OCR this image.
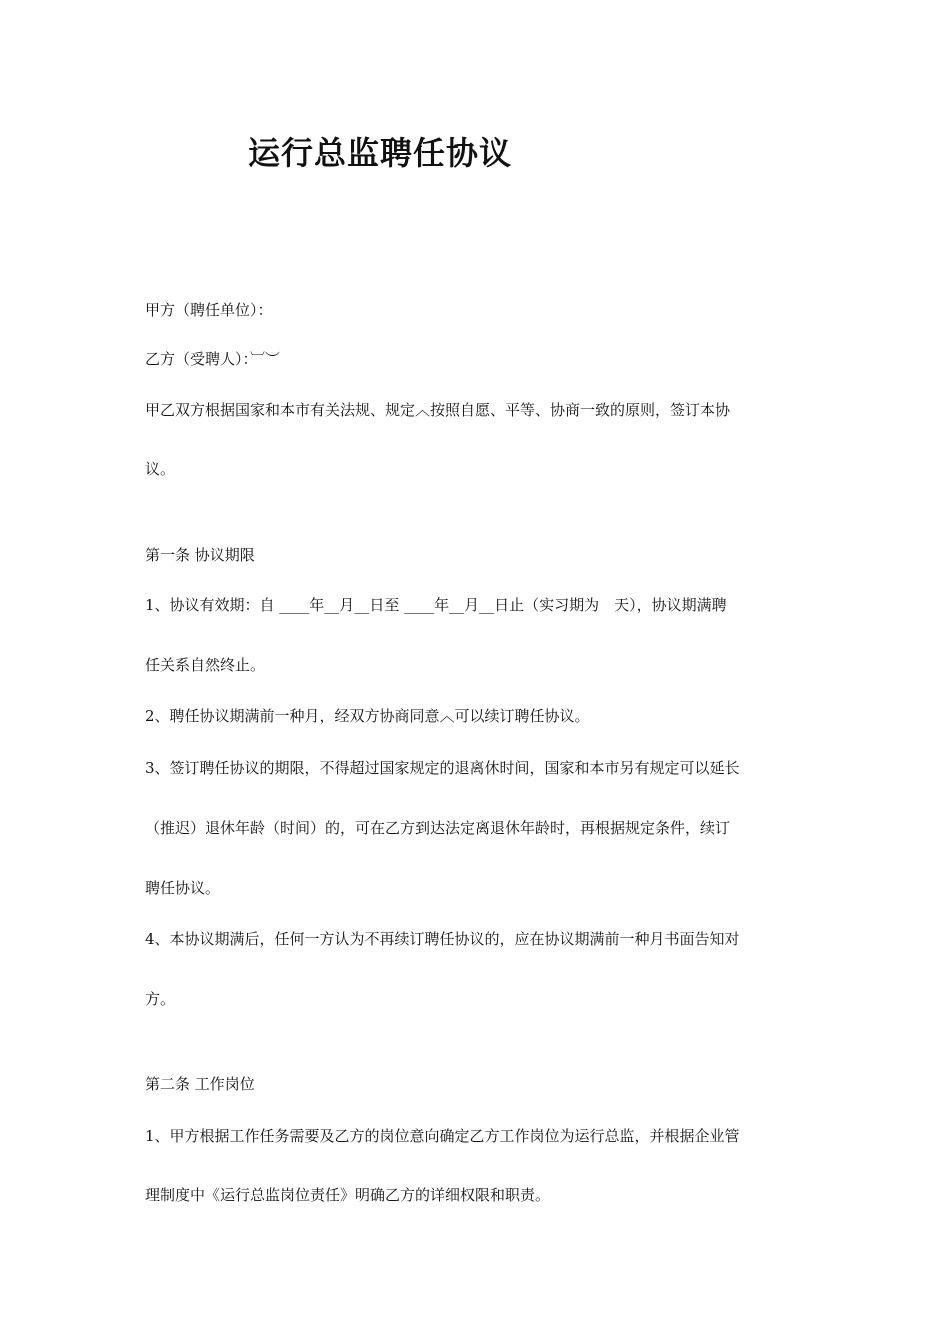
运行总监聘任协议
甲方（聘任单位）：
乙方（受聘人）：︺︶
甲乙双方根据国家和本市有关法规、规定︿按照自愿、平等、协商一致的原则，签订本协
议。
第一条 协议期限
1、协议有效期：自 ____年__月__日至 ____年__月__日止（实习期为　天），协议期满聘
任关系自然终止。
2、聘任协议期满前一种月，经双方协商同意︿可以续订聘任协议。
3、签订聘任协议的期限，不得超过国家规定的退离休时间，国家和本市另有规定可以延长
（推迟）退休年龄（时间）的，可在乙方到达法定离退休年龄时，再根据规定条件，续订
聘任协议。
4、本协议期满后，任何一方认为不再续订聘任协议的，应在协议期满前一种月书面告知对
方。
第二条 工作岗位
1、甲方根据工作任务需要及乙方的岗位意向确定乙方工作岗位为运行总监，并根据企业管
理制度中《运行总监岗位责任》明确乙方的详细权限和职责。
